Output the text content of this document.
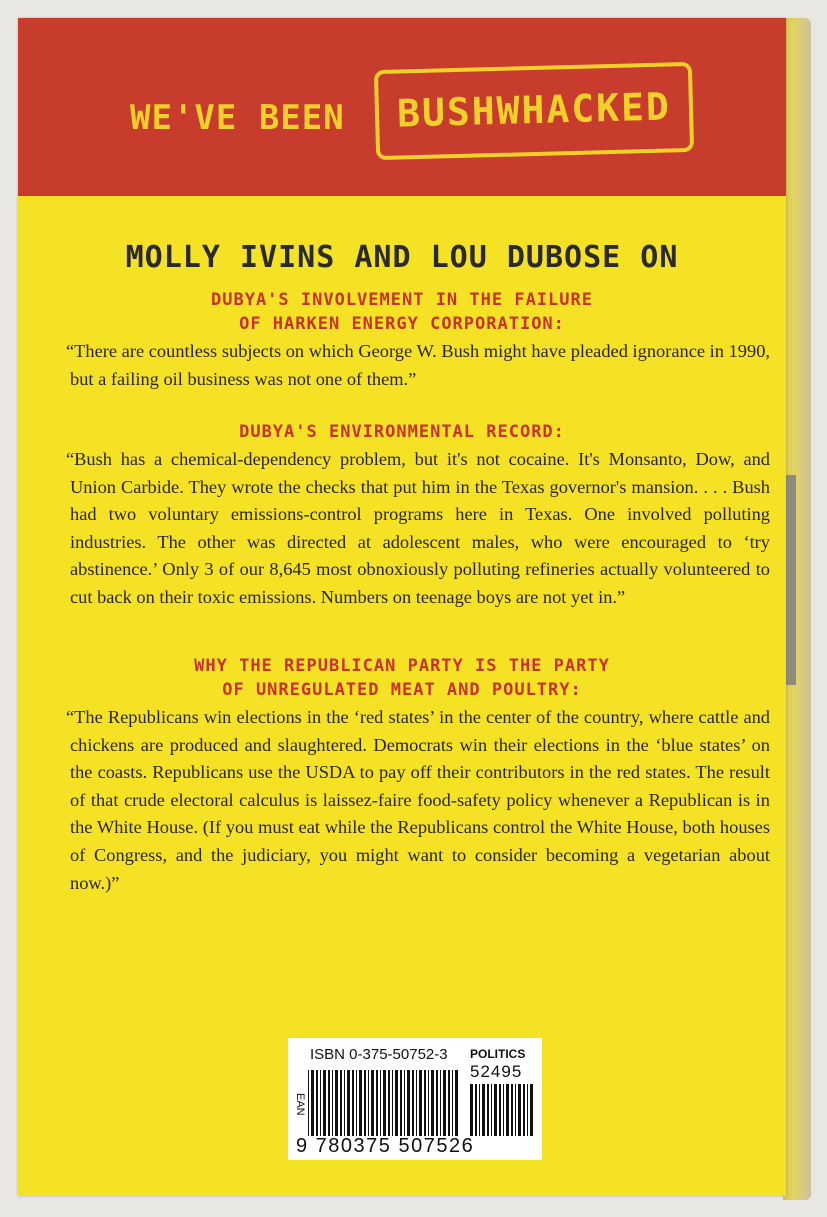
WE'VE BEEN	BUSHWHACKED
MOLLY IVINS AND LOU DUBOSE ON
DUBYA'S INVOLVEMENT IN THE FAILURE
OF HARKEN ENERGY CORPORATION:

“There are countless subjects on which George W. Bush might have pleaded ignorance in 1990, but a failing oil business was not one of them.”

DUBYA'S ENVIRONMENTAL RECORD:

“Bush has a chemical-dependency problem, but it's not cocaine. It's Monsanto, Dow, and Union Carbide. They wrote the checks that put him in the Texas governor's mansion. . . . Bush had two voluntary emissions-control programs here in Texas. One involved polluting industries. The other was directed at adolescent males, who were encouraged to ‘try abstinence.’ Only 3 of our 8,645 most obnoxiously polluting refineries actually volunteered to cut back on their toxic emissions. Numbers on teenage boys are not yet in.”

WHY THE REPUBLICAN PARTY IS THE PARTY
OF UNREGULATED MEAT AND POULTRY:

“The Republicans win elections in the ‘red states’ in the center of the country, where cattle and chickens are produced and slaughtered. Democrats win their elections in the ‘blue states’ on the coasts. Republicans use the USDA to pay off their contributors in the red states. The result of that crude electoral calculus is laissez-faire food-safety policy whenever a Republican is in the White House. (If you must eat while the Republicans control the White House, both houses of Congress, and the judiciary, you might want to consider becoming a vegetarian about now.)”

ISBN 0-375-50752-3 POLITICS
52495
EAN
9 780375 507526
